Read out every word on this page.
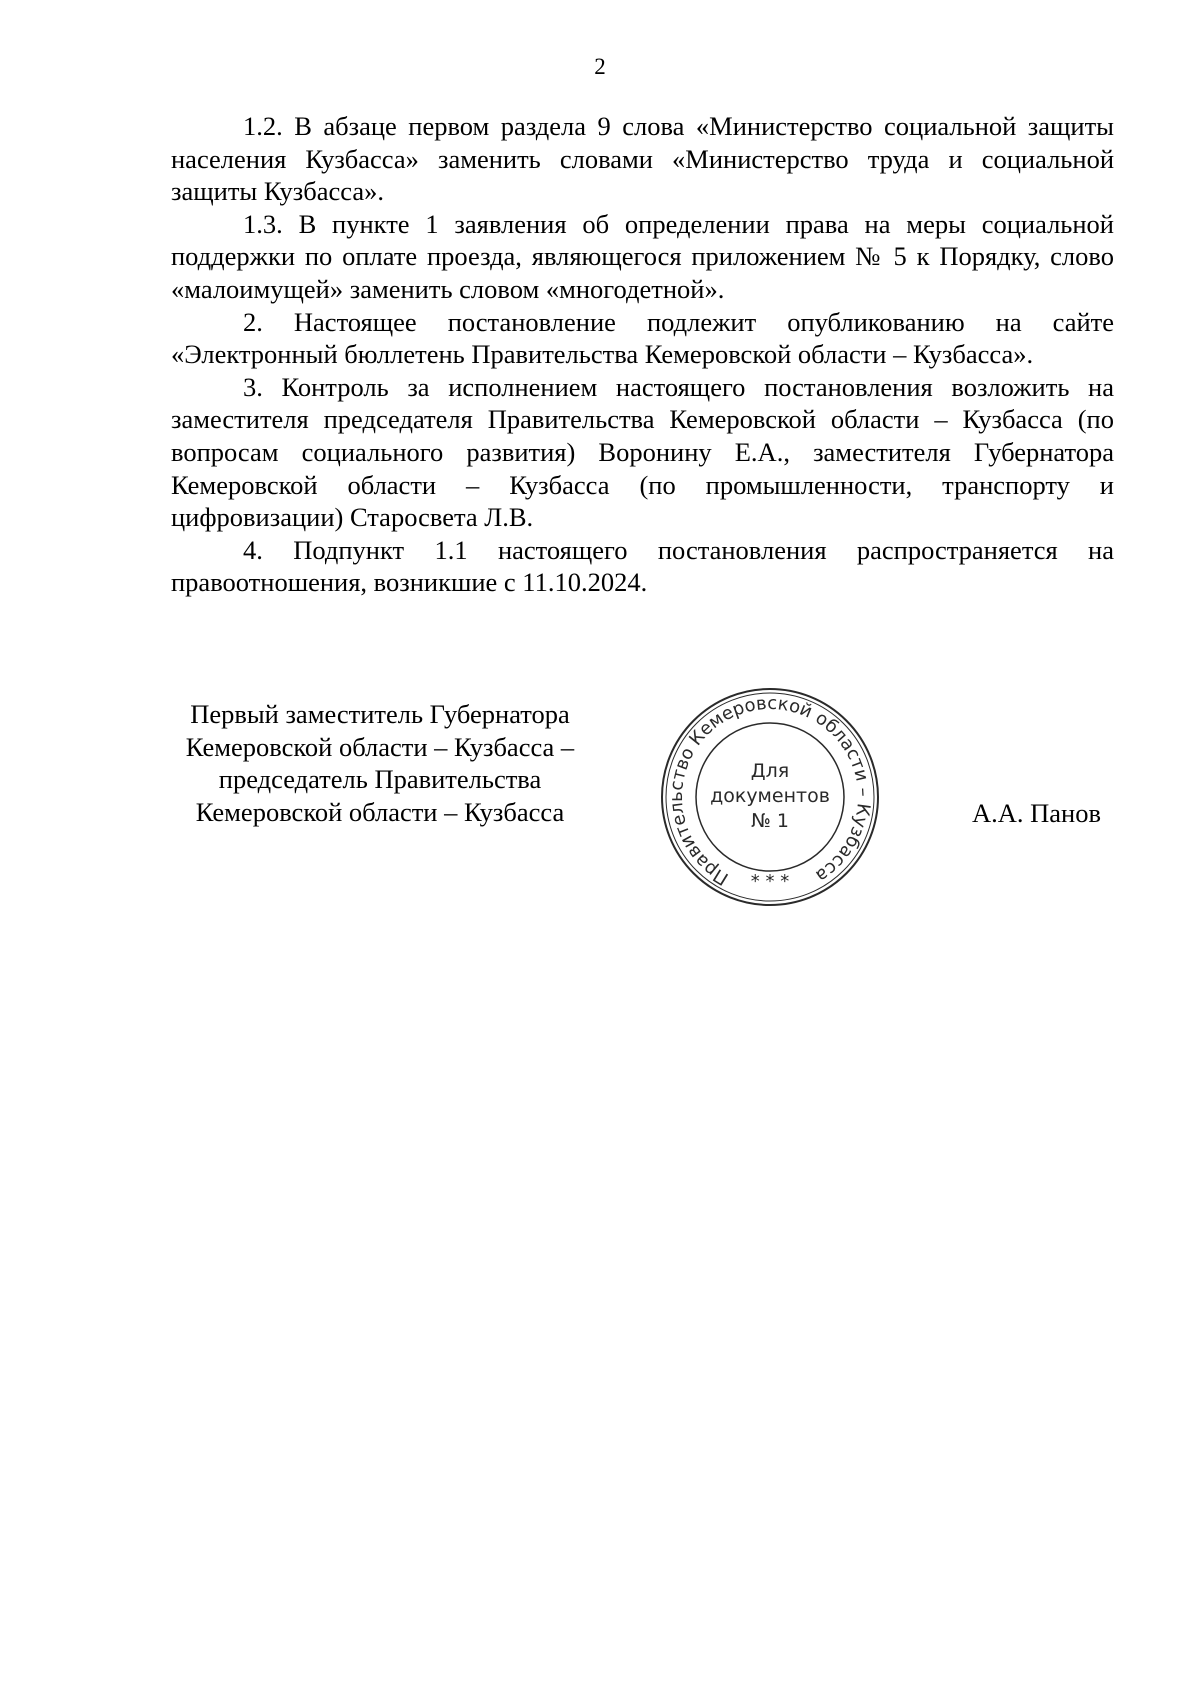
2

1.2. В абзаце первом раздела 9 слова «Министерство социальной защиты населения Кузбасса» заменить словами «Министерство труда и социальной защиты Кузбасса».

1.3. В пункте 1 заявления об определении права на меры социальной поддержки по оплате проезда, являющегося приложением № 5 к Порядку, слово «малоимущей» заменить словом «многодетной».

2. Настоящее постановление подлежит опубликованию на сайте «Электронный бюллетень Правительства Кемеровской области – Кузбасса».

3. Контроль за исполнением настоящего постановления возложить на заместителя председателя Правительства Кемеровской области – Кузбасса (по вопросам социального развития) Воронину Е.А., заместителя Губернатора Кемеровской области – Кузбасса (по промышленности, транспорту и цифровизации) Старосвета Л.В.

4. Подпункт 1.1 настоящего постановления распространяется на правоотношения, возникшие с 11.10.2024.

Первый заместитель Губернатора
Кемеровской области – Кузбасса –
председатель Правительства
Кемеровской области – Кузбасса
Правительство Кемеровской области – Кузбасса
* * *
Для
документов
№ 1	А.А. Панов
